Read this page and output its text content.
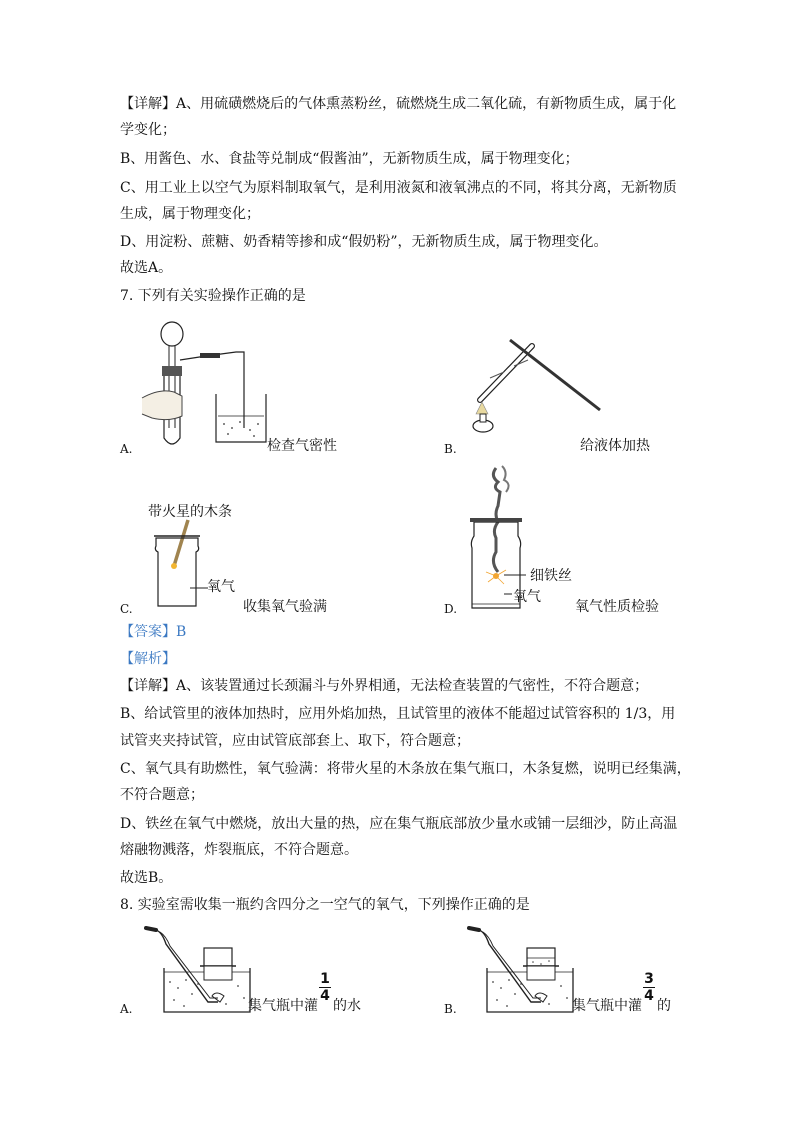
【详解】A、用硫磺燃烧后的气体熏蒸粉丝，硫燃烧生成二氧化硫，有新物质生成，属于化
学变化；
B、用酱色、水、食盐等兑制成“假酱油”，无新物质生成，属于物理变化；
C、用工业上以空气为原料制取氧气，是利用液氮和液氧沸点的不同，将其分离，无新物质
生成，属于物理变化；
D、用淀粉、蔗糖、奶香精等掺和成“假奶粉”，无新物质生成，属于物理变化。
故选A。
7. 下列有关实验操作正确的是
A.	检查气密性	B.	给液体加热
带火星的木条
氧气
C.	收集氧气验满
细铁丝
氧气
D.	氧气性质检验
【答案】B
【解析】
【详解】A、该装置通过长颈漏斗与外界相通，无法检查装置的气密性，不符合题意；
B、给试管里的液体加热时，应用外焰加热，且试管里的液体不能超过试管容积的 1/3，用
试管夹夹持试管，应由试管底部套上、取下，符合题意；
C、氧气具有助燃性，氧气验满：将带火星的木条放在集气瓶口，木条复燃，说明已经集满，
不符合题意；
D、铁丝在氧气中燃烧，放出大量的热，应在集气瓶底部放少量水或铺一层细沙，防止高温
熔融物溅落，炸裂瓶底，不符合题意。
故选B。
8. 实验室需收集一瓶约含四分之一空气的氧气，下列操作正确的是
A.	集气瓶中灌
1
4
的水	B.	集气瓶中灌
3
4
的
